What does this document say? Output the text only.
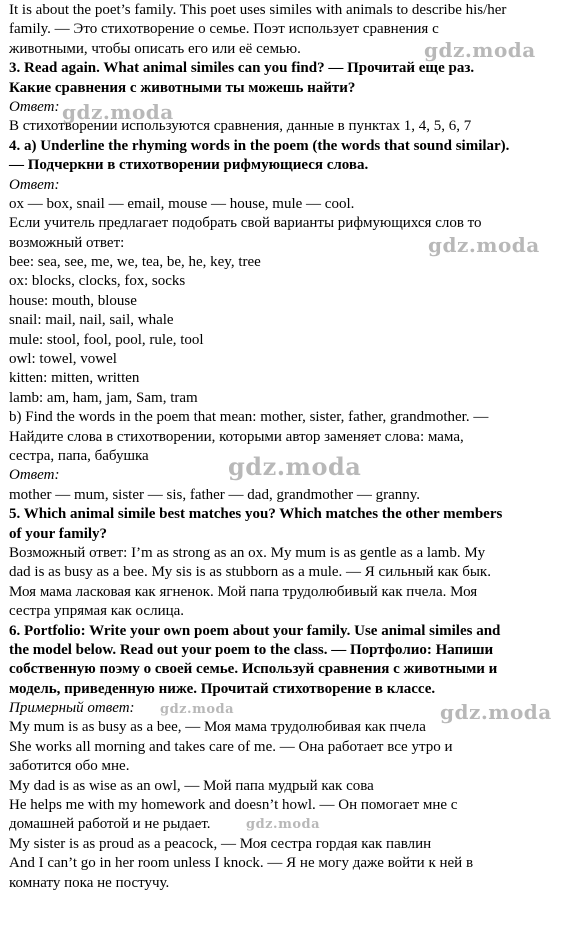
It is about the poet’s family. This poet uses similes with animals to describe his/her
family. — Это стихотворение о семье. Поэт использует сравнения с
животными, чтобы описать его или её семью.
3. Read again. What animal similes can you find? — Прочитай еще раз.
Какие сравнения с животными ты можешь найти?
Ответ:
В стихотворении используются сравнения, данные в пунктах 1, 4, 5, 6, 7
4. a) Underline the rhyming words in the poem (the words that sound similar).
— Подчеркни в стихотворении рифмующиеся слова.
Ответ:
ox — box, snail — email, mouse — house, mule — cool.
Если учитель предлагает подобрать свой варианты рифмующихся слов то
возможный ответ:
bee: sea, see, me, we, tea, be, he, key, tree
ox: blocks, clocks, fox, socks
house: mouth, blouse
snail: mail, nail, sail, whale
mule: stool, fool, pool, rule, tool
owl: towel, vowel
kitten: mitten, written
lamb: am, ham, jam, Sam, tram
b) Find the words in the poem that mean: mother, sister, father, grandmother. —
Найдите слова в стихотворении, которыми автор заменяет слова: мама,
сестра, папа, бабушка
Ответ:
mother — mum, sister — sis, father — dad, grandmother — granny.
5. Which animal simile best matches you? Which matches the other members
of your family?
Возможный ответ: I’m as strong as an ox. My mum is as gentle as a lamb. My
dad is as busy as a bee. My sis is as stubborn as a mule. — Я сильный как бык.
Моя мама ласковая как ягненок. Мой папа трудолюбивый как пчела. Моя
сестра упрямая как ослица.
6. Portfolio: Write your own poem about your family. Use animal similes and
the model below. Read out your poem to the class. — Портфолио: Напиши
собственную поэму о своей семье. Используй сравнения с животными и
модель, приведенную ниже. Прочитай стихотворение в классе.
Примерный ответ:
My mum is as busy as a bee, — Моя мама трудолюбивая как пчела
She works all morning and takes care of me. — Она работает все утро и
заботится обо мне.
My dad is as wise as an owl, — Мой папа мудрый как сова
He helps me with my homework and doesn’t howl. — Он помогает мне с
домашней работой и не рыдает.
My sister is as proud as a peacock, — Моя сестра гордая как павлин
And I can’t go in her room unless I knock. — Я не могу даже войти к ней в
комнату пока не постучу.
gdz.moda
gdz.moda
gdz.moda
gdz.moda
gdz.moda	gdz.moda
gdz.moda
